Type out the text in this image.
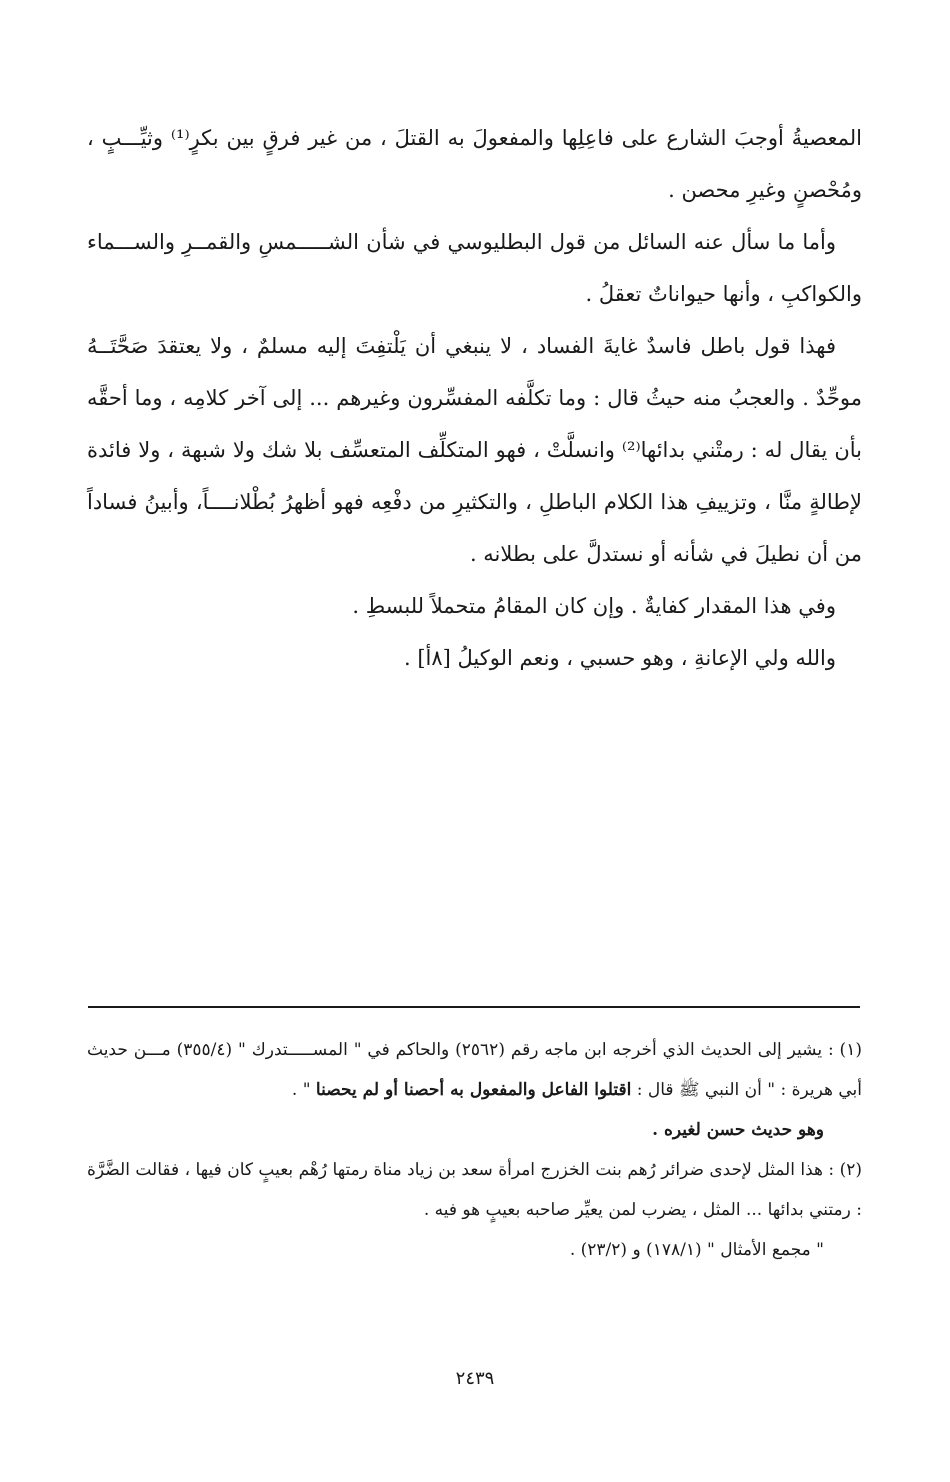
المعصيةُ أوجبَ الشارع على فاعِلِها والمفعولَ به القتلَ ، من غير فرقٍ بين بكرٍ⁽¹⁾ وثيِّـــبٍ ، ومُحْصنٍ وغيرِ محصن .

وأما ما سأل عنه السائل من قول البطليوسي في شأن الشـــــمسِ والقمــرِ والســـماء والكواكبِ ، وأنها حيواناتٌ تعقلُ .

فهذا قول باطل فاسدٌ غايةَ الفساد ، لا ينبغي أن يَلْتفِتَ إليه مسلمٌ ، ولا يعتقدَ صَحَّتَــهُ موحِّدٌ . والعجبُ منه حيثُ قال : وما تكلَّفه المفسِّرون وغيرهم ... إلى آخر كلامِه ، وما أحقَّه بأن يقال له : رمتْني بدائها⁽²⁾ وانسلَّتْ ، فهو المتكلِّف المتعسِّف بلا شك ولا شبهة ، ولا فائدة لإطالةٍ منَّا ، وتزييفِ هذا الكلام الباطلِ ، والتكثيرِ من دفْعِه فهو أظهرُ بُطْلانــــاً، وأبينُ فساداً من أن نطيلَ في شأنه أو نستدلَّ على بطلانه .

وفي هذا المقدار كفايةٌ . وإن كان المقامُ متحملاً للبسطِ .

والله ولي الإعانةِ ، وهو حسبي ، ونعم الوكيلُ [٨أ] .

(١) : يشير إلى الحديث الذي أخرجه ابن ماجه رقم (٢٥٦٢) والحاكم في " المســـــتدرك " (٣٥٥/٤) مـــن حديث أبي هريرة : " أن النبي ﷺ قال : اقتلوا الفاعل والمفعول به أحصنا أو لم يحصنا " .

وهو حديث حسن لغيره .

(٢) : هذا المثل لإحدى ضرائر رُهم بنت الخزرج امرأة سعد بن زياد مناة رمتها رُهْم بعيبٍ كان فيها ، فقالت الضَّرَّة : رمتني بدائها ... المثل ، يضرب لمن يعيِّر صاحبه بعيبٍ هو فيه .

" مجمع الأمثال " (١٧٨/١) و (٢٣/٢) .

٢٤٣٩
